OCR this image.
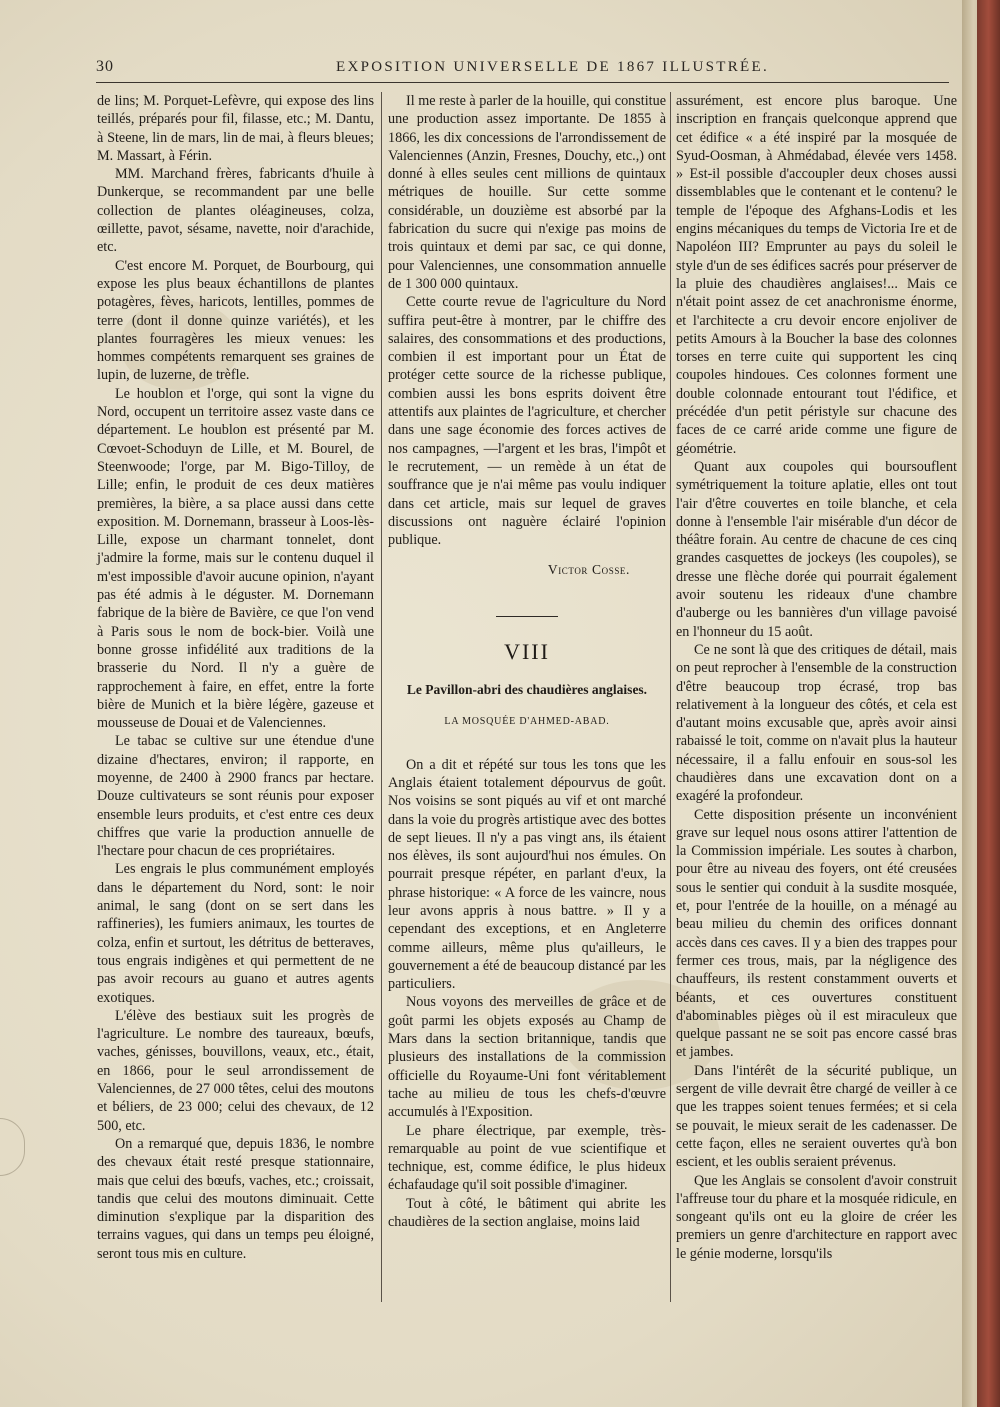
30	EXPOSITION UNIVERSELLE DE 1867 ILLUSTRÉE.

de lins; M. Porquet-Lefèvre, qui expose des lins teillés, préparés pour fil, filasse, etc.; M. Dantu, à Steene, lin de mars, lin de mai, à fleurs bleues; M. Massart, à Férin.

MM. Marchand frères, fabricants d'huile à Dunkerque, se recommandent par une belle collection de plantes oléagineuses, colza, œillette, pavot, sésame, navette, noir d'arachide, etc.

C'est encore M. Porquet, de Bourbourg, qui expose les plus beaux échantillons de plantes potagères, fèves, haricots, lentilles, pommes de terre (dont il donne quinze variétés), et les plantes fourragères les mieux venues: les hommes compétents remarquent ses graines de lupin, de luzerne, de trèfle.

Le houblon et l'orge, qui sont la vigne du Nord, occupent un territoire assez vaste dans ce département. Le houblon est présenté par M. Cœvoet-Schoduyn de Lille, et M. Bourel, de Steenwoode; l'orge, par M. Bigo-Tilloy, de Lille; enfin, le produit de ces deux matières premières, la bière, a sa place aussi dans cette exposition. M. Dornemann, brasseur à Loos-lès-Lille, expose un charmant tonnelet, dont j'admire la forme, mais sur le contenu duquel il m'est impossible d'avoir aucune opinion, n'ayant pas été admis à le déguster. M. Dornemann fabrique de la bière de Bavière, ce que l'on vend à Paris sous le nom de bock-bier. Voilà une bonne grosse infidélité aux traditions de la brasserie du Nord. Il n'y a guère de rapprochement à faire, en effet, entre la forte bière de Munich et la bière légère, gazeuse et mousseuse de Douai et de Valenciennes.

Le tabac se cultive sur une étendue d'une dizaine d'hectares, environ; il rapporte, en moyenne, de 2400 à 2900 francs par hectare. Douze cultivateurs se sont réunis pour exposer ensemble leurs produits, et c'est entre ces deux chiffres que varie la production annuelle de l'hectare pour chacun de ces propriétaires.

Les engrais le plus communément employés dans le département du Nord, sont: le noir animal, le sang (dont on se sert dans les raffineries), les fumiers animaux, les tourtes de colza, enfin et surtout, les détritus de betteraves, tous engrais indigènes et qui permettent de ne pas avoir recours au guano et autres agents exotiques.

L'élève des bestiaux suit les progrès de l'agriculture. Le nombre des taureaux, bœufs, vaches, génisses, bouvillons, veaux, etc., était, en 1866, pour le seul arrondissement de Valenciennes, de 27 000 têtes, celui des moutons et béliers, de 23 000; celui des chevaux, de 12 500, etc.

On a remarqué que, depuis 1836, le nombre des chevaux était resté presque stationnaire, mais que celui des bœufs, vaches, etc.; croissait, tandis que celui des moutons diminuait. Cette diminution s'explique par la disparition des terrains vagues, qui dans un temps peu éloigné, seront tous mis en culture.

Il me reste à parler de la houille, qui constitue une production assez importante. De 1855 à 1866, les dix concessions de l'arrondissement de Valenciennes (Anzin, Fresnes, Douchy, etc.,) ont donné à elles seules cent millions de quintaux métriques de houille. Sur cette somme considérable, un douzième est absorbé par la fabrication du sucre qui n'exige pas moins de trois quintaux et demi par sac, ce qui donne, pour Valenciennes, une consommation annuelle de 1 300 000 quintaux.

Cette courte revue de l'agriculture du Nord suffira peut-être à montrer, par le chiffre des salaires, des consommations et des productions, combien il est important pour un État de protéger cette source de la richesse publique, combien aussi les bons esprits doivent être attentifs aux plaintes de l'agriculture, et chercher dans une sage économie des forces actives de nos campagnes, —l'argent et les bras, l'impôt et le recrutement, — un remède à un état de souffrance que je n'ai même pas voulu indiquer dans cet article, mais sur lequel de graves discussions ont naguère éclairé l'opinion publique.

Victor Cosse.

VIII
Le Pavillon-abri des chaudières anglaises.
LA MOSQUÉE D'AHMED-ABAD.

On a dit et répété sur tous les tons que les Anglais étaient totalement dépourvus de goût. Nos voisins se sont piqués au vif et ont marché dans la voie du progrès artistique avec des bottes de sept lieues. Il n'y a pas vingt ans, ils étaient nos élèves, ils sont aujourd'hui nos émules. On pourrait presque répéter, en parlant d'eux, la phrase historique: « A force de les vaincre, nous leur avons appris à nous battre. » Il y a cependant des exceptions, et en Angleterre comme ailleurs, même plus qu'ailleurs, le gouvernement a été de beaucoup distancé par les particuliers.

Nous voyons des merveilles de grâce et de goût parmi les objets exposés au Champ de Mars dans la section britannique, tandis que plusieurs des installations de la commission officielle du Royaume-Uni font véritablement tache au milieu de tous les chefs-d'œuvre accumulés à l'Exposition.

Le phare électrique, par exemple, très-remarquable au point de vue scientifique et technique, est, comme édifice, le plus hideux échafaudage qu'il soit possible d'imaginer.

Tout à côté, le bâtiment qui abrite les chaudières de la section anglaise, moins laid

assurément, est encore plus baroque. Une inscription en français quelconque apprend que cet édifice « a été inspiré par la mosquée de Syud-Oosman, à Ahmédabad, élevée vers 1458. » Est-il possible d'accoupler deux choses aussi dissemblables que le contenant et le contenu? le temple de l'époque des Afghans-Lodis et les engins mécaniques du temps de Victoria Ire et de Napoléon III? Emprunter au pays du soleil le style d'un de ses édifices sacrés pour préserver de la pluie des chaudières anglaises!... Mais ce n'était point assez de cet anachronisme énorme, et l'architecte a cru devoir encore enjoliver de petits Amours à la Boucher la base des colonnes torses en terre cuite qui supportent les cinq coupoles hindoues. Ces colonnes forment une double colonnade entourant tout l'édifice, et précédée d'un petit péristyle sur chacune des faces de ce carré aride comme une figure de géométrie.

Quant aux coupoles qui boursouflent symétriquement la toiture aplatie, elles ont tout l'air d'être couvertes en toile blanche, et cela donne à l'ensemble l'air misérable d'un décor de théâtre forain. Au centre de chacune de ces cinq grandes casquettes de jockeys (les coupoles), se dresse une flèche dorée qui pourrait également avoir soutenu les rideaux d'une chambre d'auberge ou les bannières d'un village pavoisé en l'honneur du 15 août.

Ce ne sont là que des critiques de détail, mais on peut reprocher à l'ensemble de la construction d'être beaucoup trop écrasé, trop bas relativement à la longueur des côtés, et cela est d'autant moins excusable que, après avoir ainsi rabaissé le toit, comme on n'avait plus la hauteur nécessaire, il a fallu enfouir en sous-sol les chaudières dans une excavation dont on a exagéré la profondeur.

Cette disposition présente un inconvénient grave sur lequel nous osons attirer l'attention de la Commission impériale. Les soutes à charbon, pour être au niveau des foyers, ont été creusées sous le sentier qui conduit à la susdite mosquée, et, pour l'entrée de la houille, on a ménagé au beau milieu du chemin des orifices donnant accès dans ces caves. Il y a bien des trappes pour fermer ces trous, mais, par la négligence des chauffeurs, ils restent constamment ouverts et béants, et ces ouvertures constituent d'abominables pièges où il est miraculeux que quelque passant ne se soit pas encore cassé bras et jambes.

Dans l'intérêt de la sécurité publique, un sergent de ville devrait être chargé de veiller à ce que les trappes soient tenues fermées; et si cela se pouvait, le mieux serait de les cadenasser. De cette façon, elles ne seraient ouvertes qu'à bon escient, et les oublis seraient prévenus.

Que les Anglais se consolent d'avoir construit l'affreuse tour du phare et la mosquée ridicule, en songeant qu'ils ont eu la gloire de créer les premiers un genre d'architecture en rapport avec le génie moderne, lorsqu'ils
